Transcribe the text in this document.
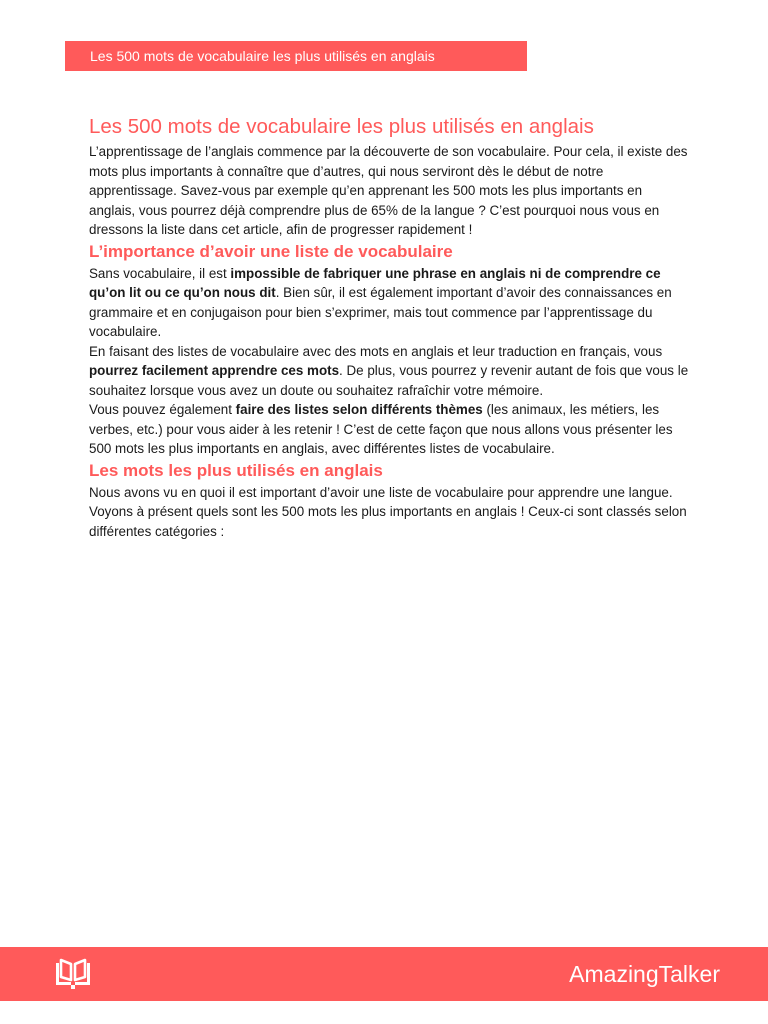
Les 500 mots de vocabulaire les plus utilisés en anglais
Les 500 mots de vocabulaire les plus utilisés en anglais

L’apprentissage de l’anglais commence par la découverte de son vocabulaire. Pour cela, il existe des mots plus importants à connaître que d’autres, qui nous serviront dès le début de notre apprentissage. Savez-vous par exemple qu’en apprenant les 500 mots les plus importants en anglais, vous pourrez déjà comprendre plus de 65% de la langue ? C’est pourquoi nous vous en dressons la liste dans cet article, afin de progresser rapidement !

L’importance d’avoir une liste de vocabulaire

Sans vocabulaire, il est impossible de fabriquer une phrase en anglais ni de comprendre ce qu’on lit ou ce qu’on nous dit. Bien sûr, il est également important d’avoir des connaissances en grammaire et en conjugaison pour bien s’exprimer, mais tout commence par l’apprentissage du vocabulaire.

En faisant des listes de vocabulaire avec des mots en anglais et leur traduction en français, vous pourrez facilement apprendre ces mots. De plus, vous pourrez y revenir autant de fois que vous le souhaitez lorsque vous avez un doute ou souhaitez rafraîchir votre mémoire.

Vous pouvez également faire des listes selon différents thèmes (les animaux, les métiers, les verbes, etc.) pour vous aider à les retenir ! C’est de cette façon que nous allons vous présenter les 500 mots les plus importants en anglais, avec différentes listes de vocabulaire.

Les mots les plus utilisés en anglais

Nous avons vu en quoi il est important d’avoir une liste de vocabulaire pour apprendre une langue. Voyons à présent quels sont les 500 mots les plus importants en anglais ! Ceux-ci sont classés selon différentes catégories :

AmazingTalker
